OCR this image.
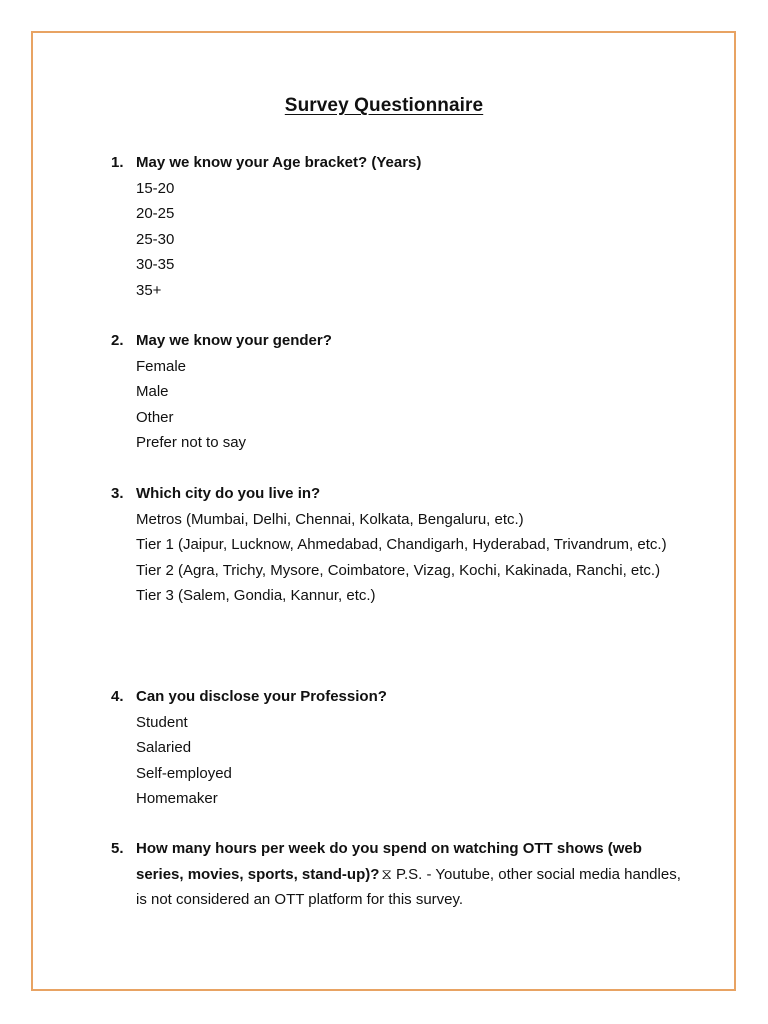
Survey Questionnaire
1. May we know your Age bracket? (Years)
15-20
20-25
25-30
30-35
35+
2. May we know your gender?
Female
Male
Other
Prefer not to say
3. Which city do you live in?
Metros (Mumbai, Delhi, Chennai, Kolkata, Bengaluru, etc.)
Tier 1 (Jaipur, Lucknow, Ahmedabad, Chandigarh, Hyderabad, Trivandrum, etc.)
Tier 2 (Agra, Trichy, Mysore, Coimbatore, Vizag, Kochi, Kakinada, Ranchi, etc.)
Tier 3 (Salem, Gondia, Kannur, etc.)
4. Can you disclose your Profession?
Student
Salaried
Self-employed
Homemaker
5. How many hours per week do you spend on watching OTT shows (web series, movies, sports, stand-up)? ⧖ P.S. - Youtube, other social media handles, is not considered an OTT platform for this survey.
